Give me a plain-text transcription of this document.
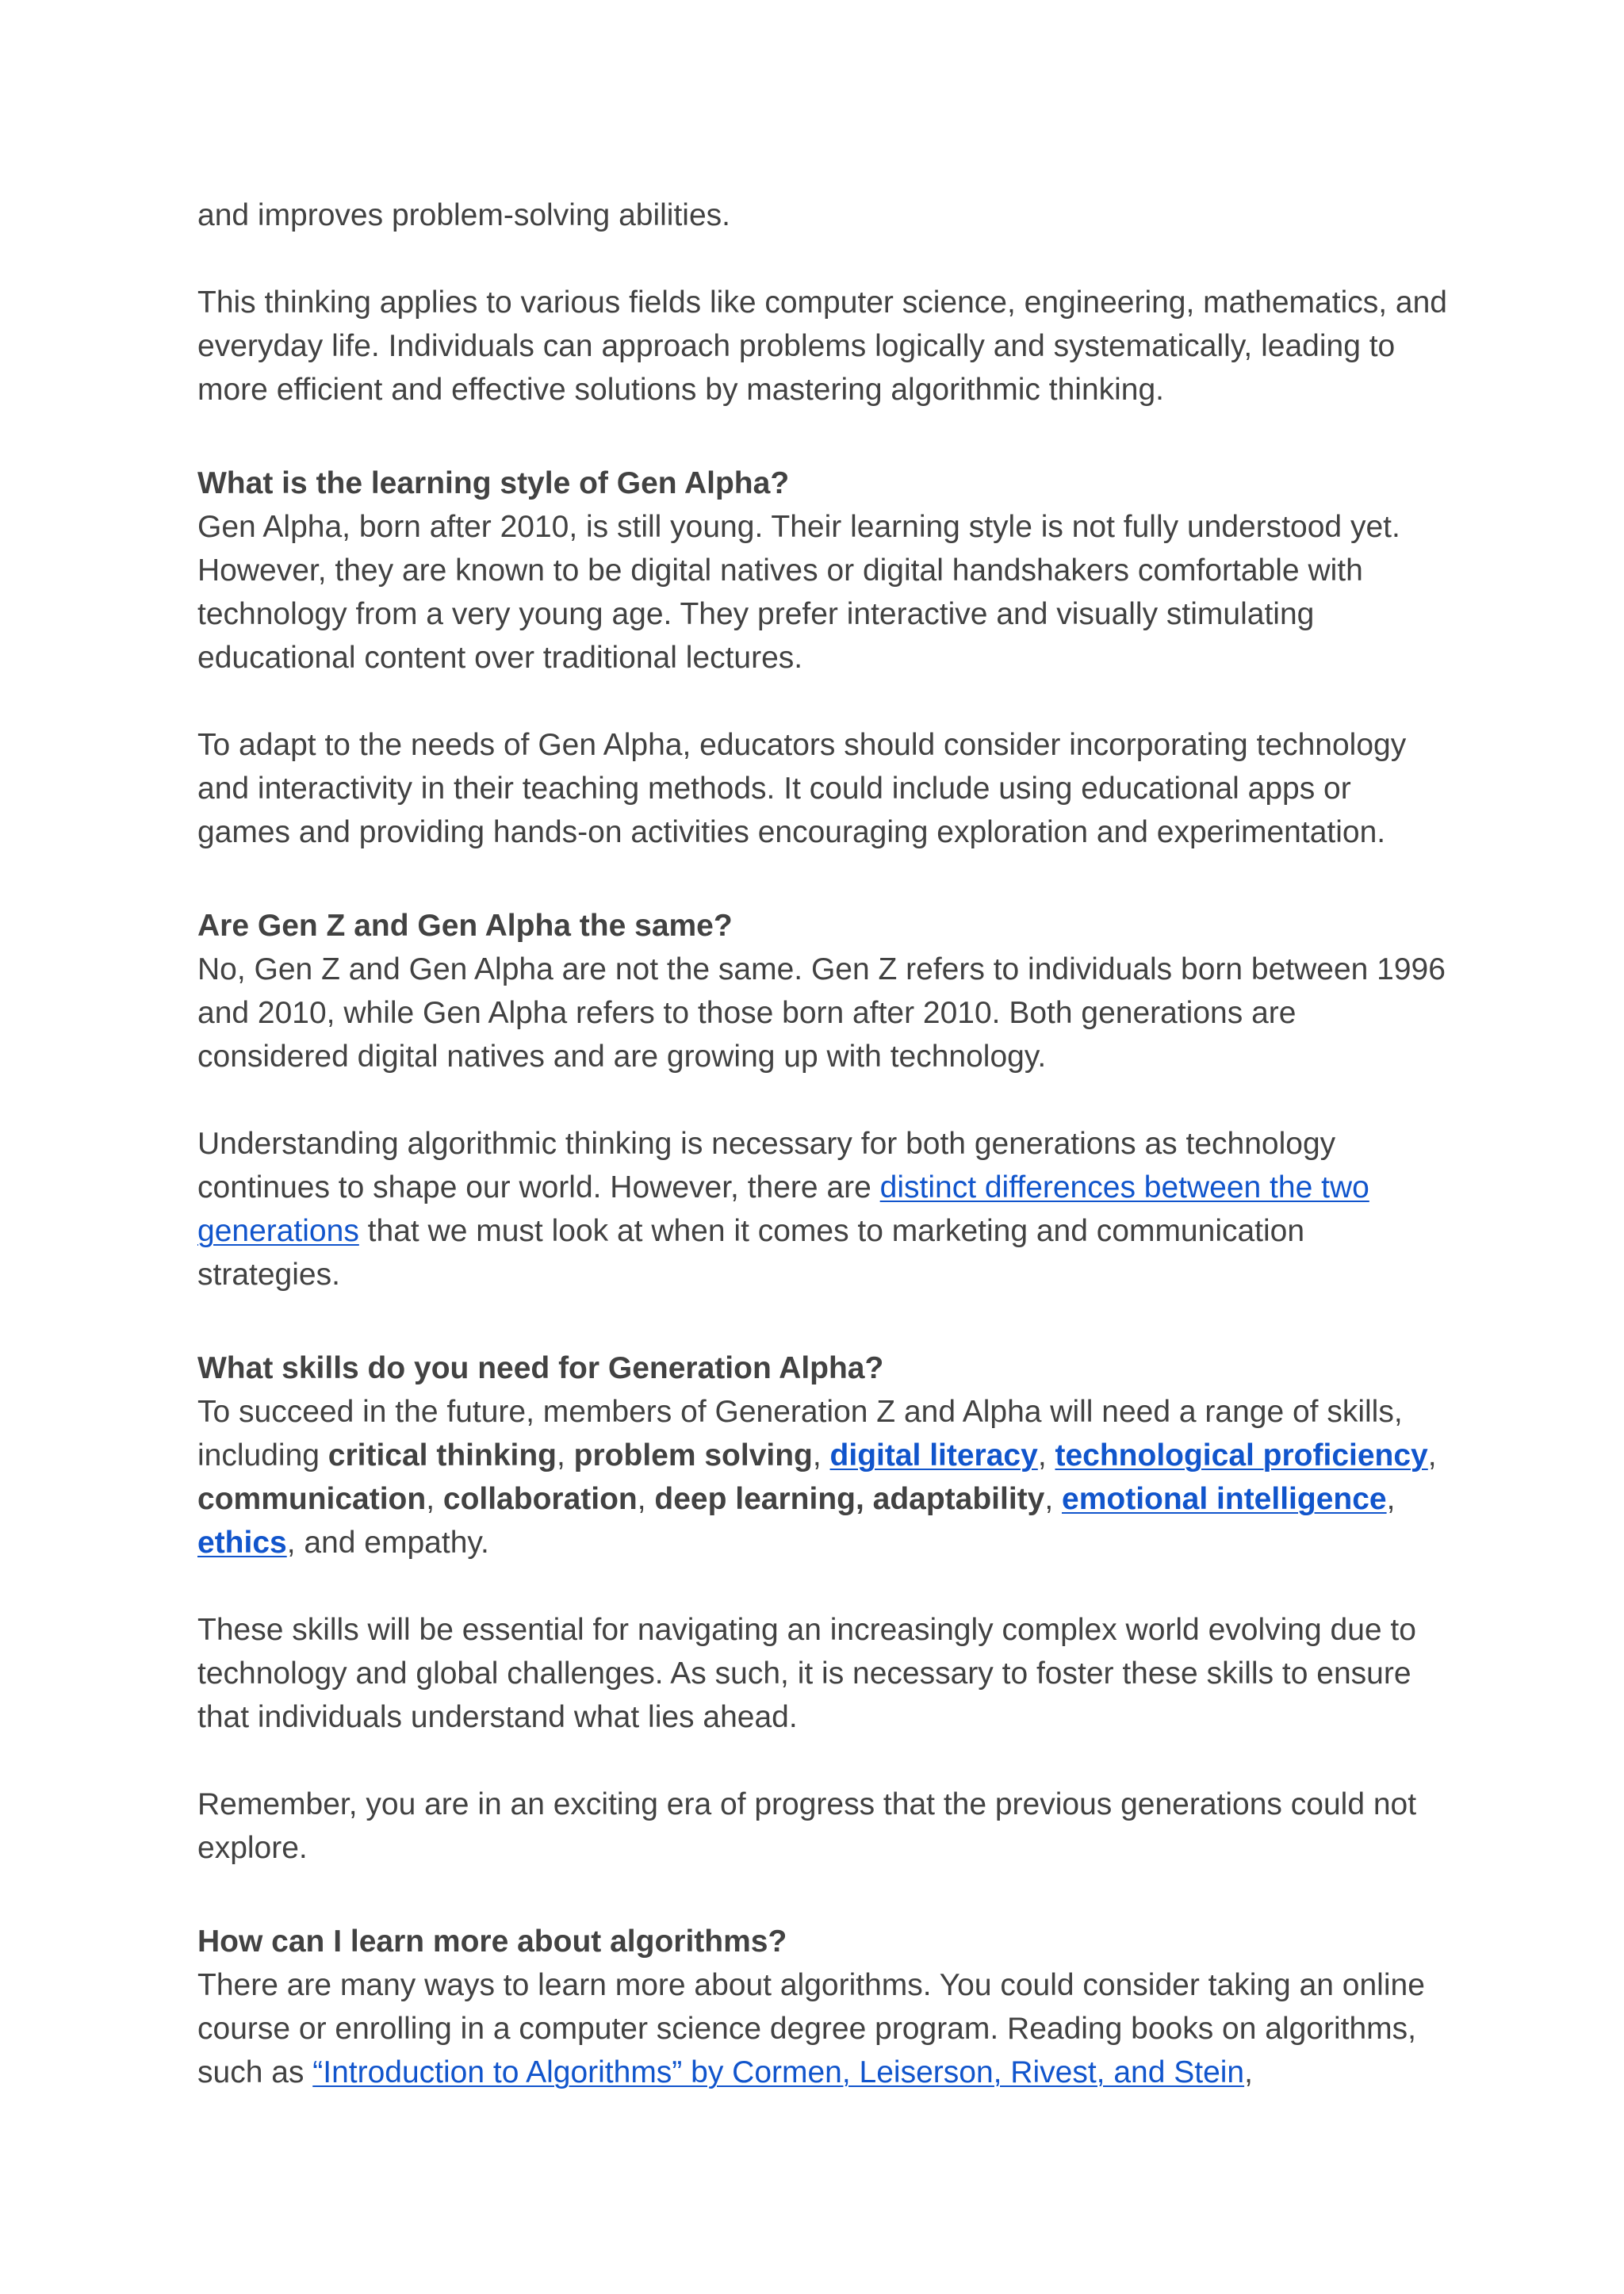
and improves problem-solving abilities.

This thinking applies to various fields like computer science, engineering, mathematics, and everyday life. Individuals can approach problems logically and systematically, leading to more efficient and effective solutions by mastering algorithmic thinking.

What is the learning style of Gen Alpha?

Gen Alpha, born after 2010, is still young. Their learning style is not fully understood yet. However, they are known to be digital natives or digital handshakers comfortable with technology from a very young age. They prefer interactive and visually stimulating educational content over traditional lectures.

To adapt to the needs of Gen Alpha, educators should consider incorporating technology and interactivity in their teaching methods. It could include using educational apps or games and providing hands-on activities encouraging exploration and experimentation.

Are Gen Z and Gen Alpha the same?

No, Gen Z and Gen Alpha are not the same. Gen Z refers to individuals born between 1996 and 2010, while Gen Alpha refers to those born after 2010. Both generations are considered digital natives and are growing up with technology.

Understanding algorithmic thinking is necessary for both generations as technology continues to shape our world. However, there are distinct differences between the two generations that we must look at when it comes to marketing and communication strategies.

What skills do you need for Generation Alpha?

To succeed in the future, members of Generation Z and Alpha will need a range of skills, including critical thinking, problem solving, digital literacy, technological proficiency, communication, collaboration, deep learning, adaptability, emotional intelligence, ethics, and empathy.

These skills will be essential for navigating an increasingly complex world evolving due to technology and global challenges. As such, it is necessary to foster these skills to ensure that individuals understand what lies ahead.

Remember, you are in an exciting era of progress that the previous generations could not explore.

How can I learn more about algorithms?

There are many ways to learn more about algorithms. You could consider taking an online course or enrolling in a computer science degree program. Reading books on algorithms, such as “Introduction to Algorithms” by Cormen, Leiserson, Rivest, and Stein,
